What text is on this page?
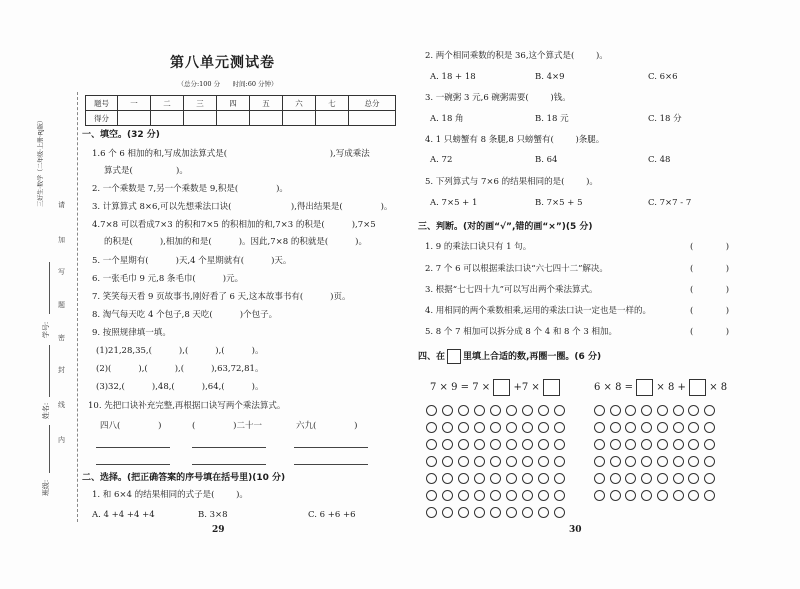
三好生·数学（二年级·上册·RJ版）
学号:
姓名:
班级:
请
加
写
题
密
封
线
内
第八单元测试卷
（总分:100 分      时间:60 分钟）
题号	一	二	三	四	五	六	七	总分
得分
一、填空。(32 分)
1.6 个 6 相加的和,写成加法算式是(                                      ),写成乘法
算式是(                )。
2. 一个乘数是 7,另一个乘数是 9,积是(              )。
3. 计算算式 8×6,可以先想乘法口诀(                      ),得出结果是(              )。
4.7×8 可以看成7×3 的积和7×5 的积相加的和,7×3 的积是(          ),7×5
的积是(          ),相加的和是(          )。因此,7×8 的积就是(          )。
5. 一个星期有(          )天,4 个星期就有(          )天。
6. 一张毛巾 9 元,8 条毛巾(          )元。
7. 笑笑每天看 9 页故事书,刚好看了 6 天,这本故事书有(          )页。
8. 淘气每天吃 4 个包子,8 天吃(          )个包子。
9. 按照规律填一填。
(1)21,28,35,(          ),(          ),(          )。
(2)(          ),(          ),(          ),63,72,81。
(3)32,(          ),48,(          ),64,(          )。
10. 先把口诀补充完整,再根据口诀写两个乘法算式。
四八(              )	(              )二十一	六九(              )
二、选择。(把正确答案的序号填在括号里)(10 分)
1. 和 6×4 的结果相同的式子是(        )。
A. 4 +4 +4 +4	B. 3×8	C. 6 +6 +6
29
2. 两个相同乘数的积是 36,这个算式是(        )。
A. 18 + 18	B. 4×9	C. 6×6
3. 一碗粥 3 元,6 碗粥需要(        )钱。
A. 18 角	B. 18 元	C. 18 分
4. 1 只螃蟹有 8 条腿,8 只螃蟹有(        )条腿。
A. 72	B. 64	C. 48
5. 下列算式与 7×6 的结果相同的是(        )。
A. 7×5 + 1	B. 7×5 + 5	C. 7×7 - 7
三、判断。(对的画“√”,错的画“×”)(5 分)
1. 9 的乘法口诀只有 1 句。	(            )
2. 7 个 6 可以根据乘法口诀“六七四十二”解决。	(            )
3. 根据“七七四十九”可以写出两个乘法算式。	(            )
4. 用相同的两个乘数相乘,运用的乘法口诀一定也是一样的。	(            )
5. 8 个 7 相加可以拆分成 8 个 4 和 8 个 3 相加。	(            )
四、在 里填上合适的数,再圈一圈。(6 分)
7 × 9 = 7 × +7 ×	6 × 8 = × 8 + × 8
30
